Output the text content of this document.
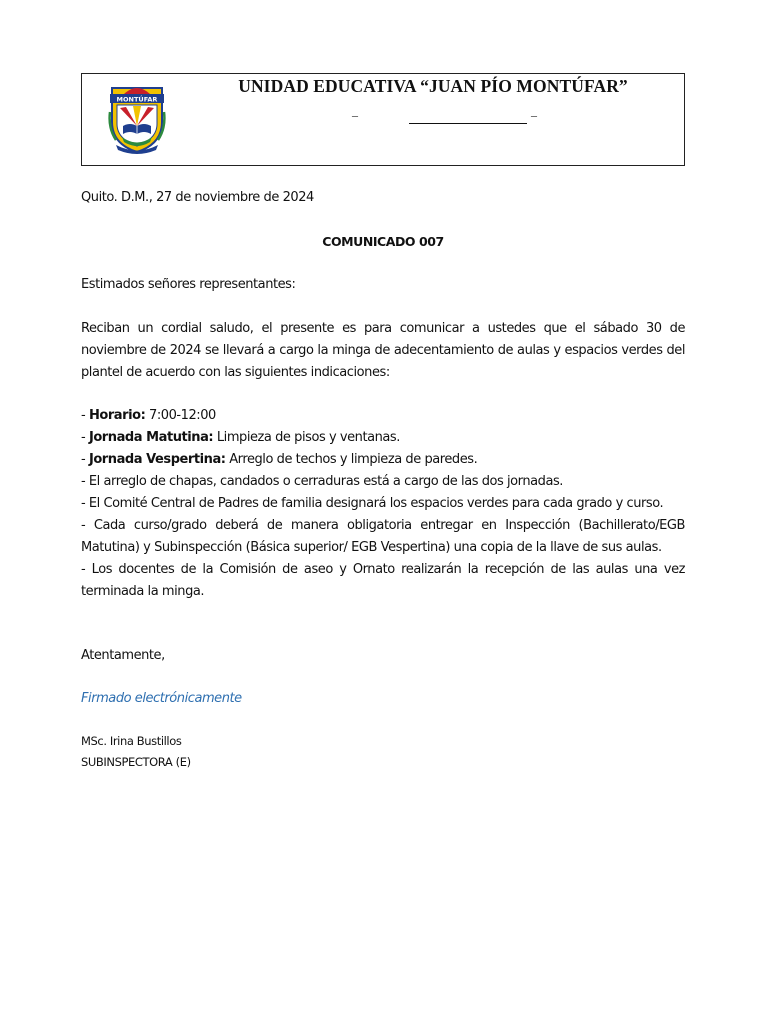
MONTÚFAR
UNIDAD EDUCATIVA “JUAN PÍO MONTÚFAR”
–	–
Quito. D.M., 27 de noviembre de 2024
COMUNICADO 007
Estimados señores representantes:
Reciban un cordial saludo, el presente es para comunicar a ustedes que el sábado 30 de noviembre de 2024 se llevará a cargo la minga de adecentamiento de aulas y espacios verdes del plantel de acuerdo con las siguientes indicaciones:

- Horario: 7:00-12:00

- Jornada Matutina: Limpieza de pisos y ventanas.

- Jornada Vespertina: Arreglo de techos y limpieza de paredes.

- El arreglo de chapas, candados o cerraduras está a cargo de las dos jornadas.

- El Comité Central de Padres de familia designará los espacios verdes para cada grado y curso.

- Cada curso/grado deberá de manera obligatoria entregar en Inspección (Bachillerato/EGB Matutina) y Subinspección (Básica superior/ EGB Vespertina) una copia de la llave de sus aulas.

- Los docentes de la Comisión de aseo y Ornato realizarán la recepción de las aulas una vez terminada la minga.

Atentamente,
Firmado electrónicamente
MSc. Irina Bustillos
SUBINSPECTORA (E)
